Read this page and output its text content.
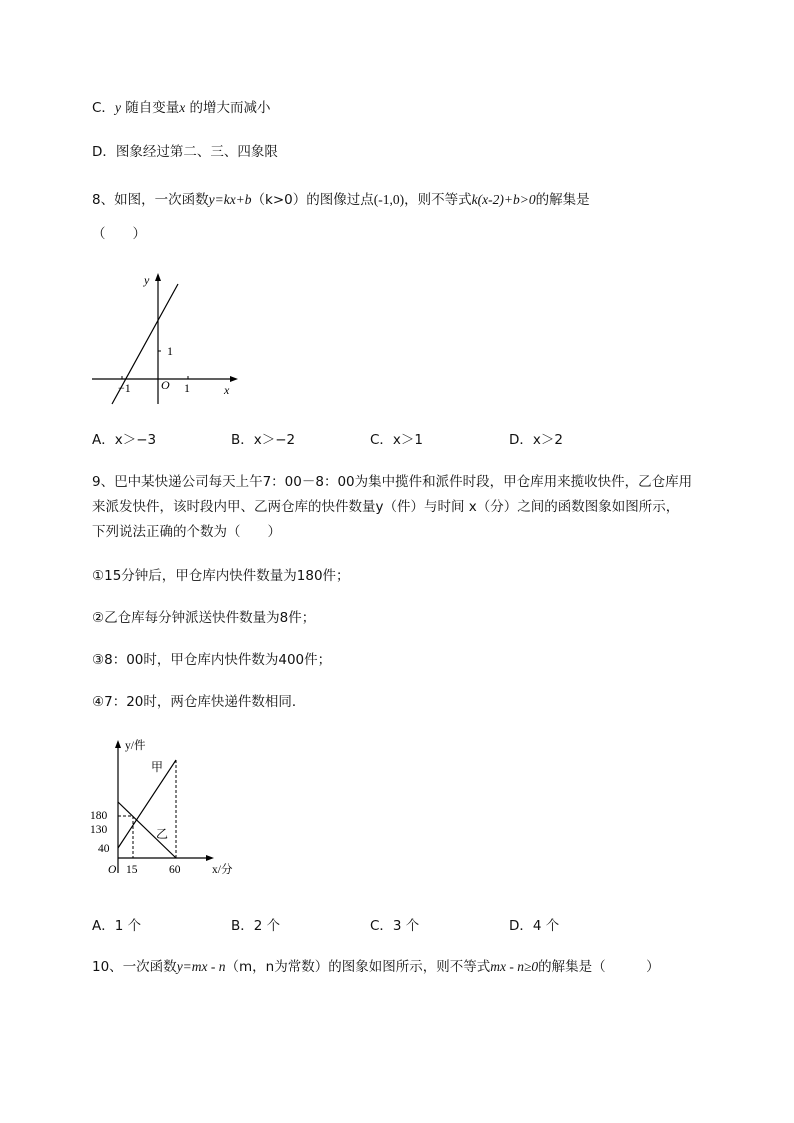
C．y 随自变量x 的增大而减小
D．图象经过第二、三、四象限
8、如图，一次函数y=kx+b（k>0）的图像过点(-1,0)，则不等式k(x-2)+b>0的解集是
（　　）
y
x
O
−1	1
1
A．x＞−3	B．x＞−2	C．x＞1	D．x＞2
9、巴中某快递公司每天上午7：00－8：00为集中揽件和派件时段，甲仓库用来揽收快件，乙仓库用
来派发快件，该时段内甲、乙两仓库的快件数量y（件）与时间 x（分）之间的函数图象如图所示，
下列说法正确的个数为（　　）
①15分钟后，甲仓库内快件数量为180件；
②乙仓库每分钟派送快件数量为8件；
③8：00时，甲仓库内快件数为400件；
④7：20时，两仓库快递件数相同．
y/件
x/分
O
180
130
40
15	60
甲
乙
A．1 个	B．2 个	C．3 个	D．4 个
10、一次函数y=mx - n（m，n为常数）的图象如图所示，则不等式mx - n≥0的解集是（　　　）
